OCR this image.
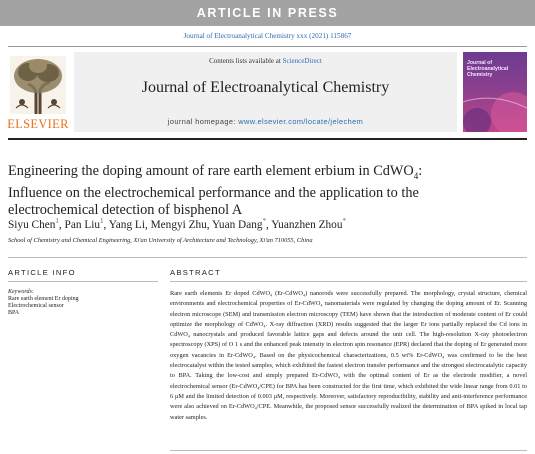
ARTICLE IN PRESS
Journal of Electroanalytical Chemistry xxx (2021) 115867
ELSEVIER
Contents lists available at ScienceDirect
Journal of Electroanalytical Chemistry
journal homepage: www.elsevier.com/locate/jelechem
Journal of Electroanalytical Chemistry
Engineering the doping amount of rare earth element erbium in CdWO$_4$:
Influence on the electrochemical performance and the application to the
electrochemical detection of bisphenol A
Siyu Chen$^1$, Pan Liu$^1$, Yang Li, Mengyi Zhu, Yuan Dang*, Yuanzhen Zhou*
School of Chemistry and Chemical Engineering, Xi'an University of Architecture and Technology, Xi'an 710055, China
ARTICLE INFO	ABSTRACT
Keywords:
Rare earth element Er doping
Electrochemical sensor
BPA
Rare earth elements Er doped CdWO₄ (Er-CdWO₄) nanorods were successfully prepared. The morphology, crystal structure, chemical environments and electrochemical properties of Er-CdWO₄ nanomaterials were regulated by changing the doping amount of Er. Scanning electron microscope (SEM) and transmission electron microscopy (TEM) have shown that the introduction of moderate content of Er could optimize the morphology of CdWO₄. X-ray diffraction (XRD) results suggested that the larger Er ions partially replaced the Cd ions in CdWO₄ nanocrystals and produced favorable lattice gaps and defects around the unit cell. The high-resolution X-ray photoelectron spectroscopy (XPS) of O 1 s and the enhanced peak intensity in electron spin resonance (EPR) declared that the doping of Er generated more oxygen vacancies in Er-CdWO₄. Based on the physicochemical characterizations, 0.5 wt% Er-CdWO₄ was confirmed to be the best electrocatalyst within the tested samples, which exhibited the fastest electron transfer performance and the strongest electrocatalytic capacity to BPA. Taking the low-cost and simply prepared Er-CdWO₄ with the optimal content of Er as the electrode modifier, a novel electrochemical sensor (Er-CdWO₄/CPE) for BPA has been constructed for the first time, which exhibited the wide linear range from 0.01 to 6 μM and the limited detection of 0.003 μM, respectively. Moreover, satisfactory reproducibility, stability and anti-interference performance were also achieved on Er-CdWO₄/CPE. Meanwhile, the proposed sensor successfully realized the determination of BPA spiked in local tap water samples.
